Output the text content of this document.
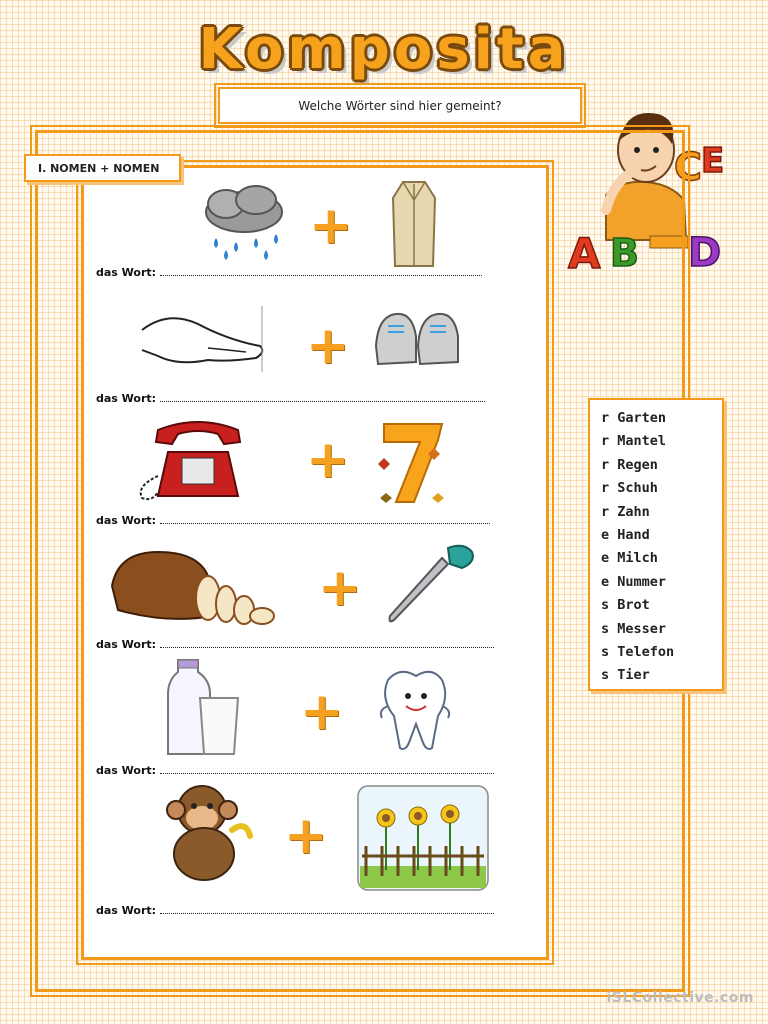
Komposita
Welche Wörter sind hier gemeint?
C E
A B D
+
das Wort:
+
das Wort:
+
das Wort:
+
das Wort:
+
das Wort:
+
das Wort:
I. NOMEN + NOMEN
r Garten
r Mantel
r Regen
r Schuh
r Zahn
e Hand
e Milch
e Nummer
s Brot
s Messer
s Telefon
s Tier
iSLCollective.com
